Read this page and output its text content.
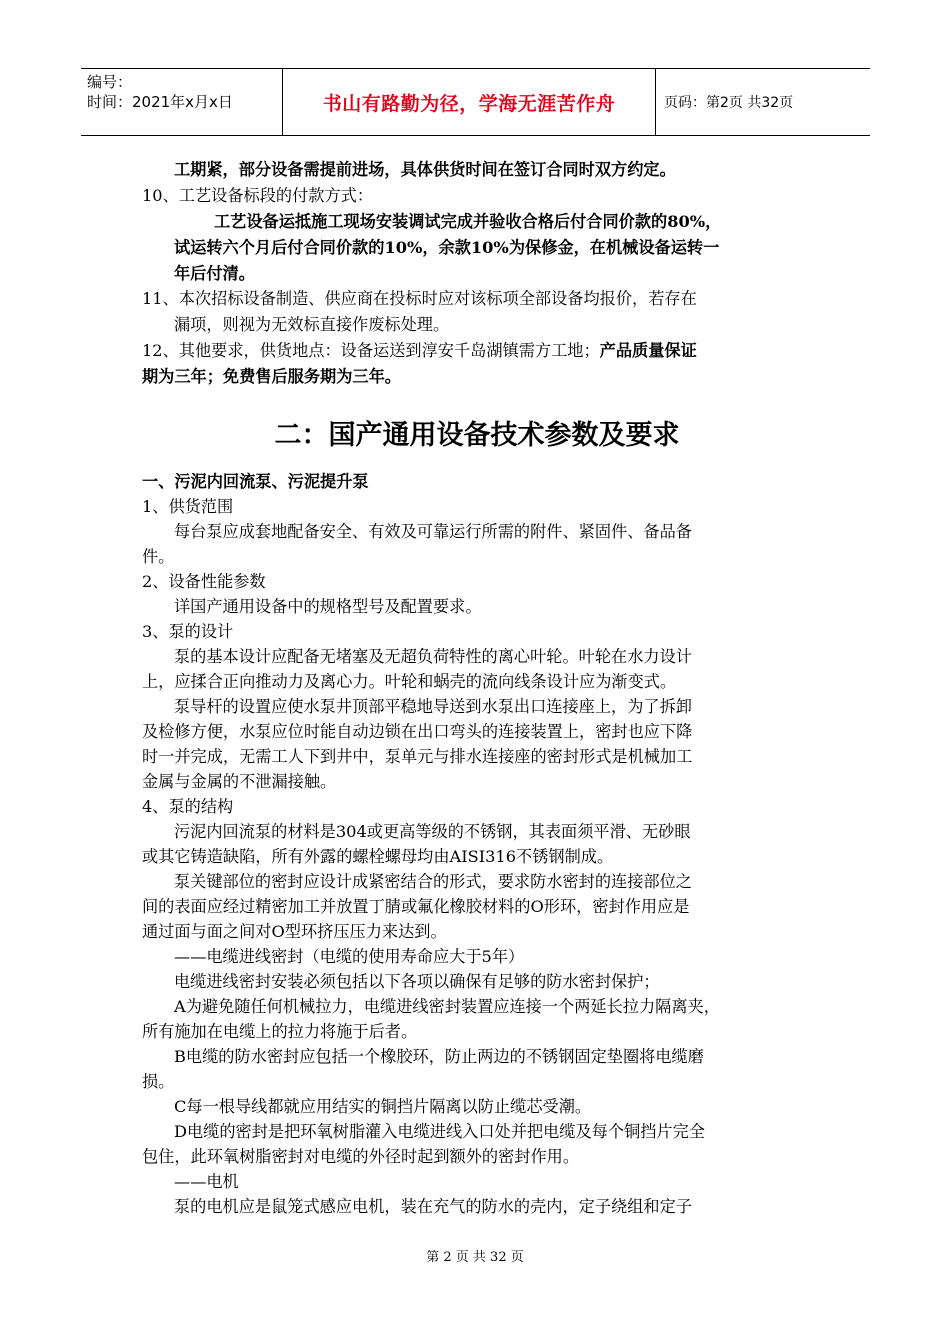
编号：
时间：2021年x月x日	书山有路勤为径，学海无涯苦作舟	页码：第2页 共32页
工期紧，部分设备需提前进场，具体供货时间在签订合同时双方约定。
10、工艺设备标段的付款方式：
工艺设备运抵施工现场安装调试完成并验收合格后付合同价款的80%，
试运转六个月后付合同价款的10%，余款10%为保修金，在机械设备运转一
年后付清。
11、本次招标设备制造、供应商在投标时应对该标项全部设备均报价，若存在
漏项，则视为无效标直接作废标处理。
12、其他要求，供货地点：设备运送到淳安千岛湖镇需方工地；产品质量保证
期为三年；免费售后服务期为三年。
二：国产通用设备技术参数及要求
一、污泥内回流泵、污泥提升泵
1、供货范围
每台泵应成套地配备安全、有效及可靠运行所需的附件、紧固件、备品备
件。
2、设备性能参数
详国产通用设备中的规格型号及配置要求。
3、泵的设计
泵的基本设计应配备无堵塞及无超负荷特性的离心叶轮。叶轮在水力设计
上，应揉合正向推动力及离心力。叶轮和蜗壳的流向线条设计应为渐变式。
泵导杆的设置应使水泵井顶部平稳地导送到水泵出口连接座上，为了拆卸
及检修方便，水泵应位时能自动边锁在出口弯头的连接装置上，密封也应下降
时一并完成，无需工人下到井中，泵单元与排水连接座的密封形式是机械加工
金属与金属的不泄漏接触。
4、泵的结构
污泥内回流泵的材料是304或更高等级的不锈钢，其表面须平滑、无砂眼
或其它铸造缺陷，所有外露的螺栓螺母均由AISI316不锈钢制成。
泵关键部位的密封应设计成紧密结合的形式，要求防水密封的连接部位之
间的表面应经过精密加工并放置丁腈或氟化橡胶材料的O形环，密封作用应是
通过面与面之间对O型环挤压压力来达到。
——电缆进线密封（电缆的使用寿命应大于5年）
电缆进线密封安装必须包括以下各项以确保有足够的防水密封保护；
A为避免随任何机械拉力，电缆进线密封装置应连接一个两延长拉力隔离夹，
所有施加在电缆上的拉力将施于后者。
B电缆的防水密封应包括一个橡胶环，防止两边的不锈钢固定垫圈将电缆磨
损。
C每一根导线都就应用结实的铜挡片隔离以防止缆芯受潮。
D电缆的密封是把环氧树脂灌入电缆进线入口处并把电缆及每个铜挡片完全
包住，此环氧树脂密封对电缆的外径时起到额外的密封作用。
——电机
泵的电机应是鼠笼式感应电机，装在充气的防水的壳内，定子绕组和定子
第 2 页 共 32 页
